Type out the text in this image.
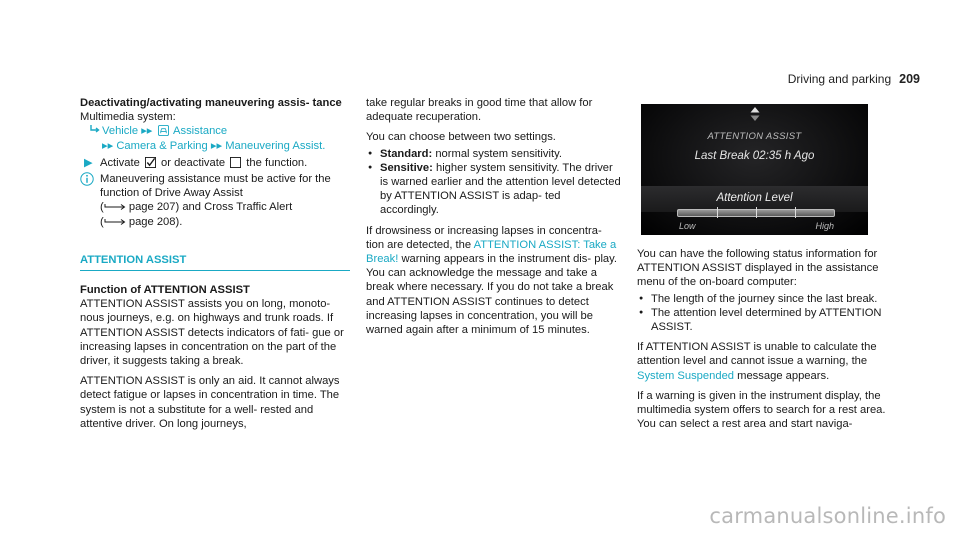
Driving and parking 209

Deactivating/activating maneuvering assis- tance

Multimedia system:
Vehicle ▸▸ Assistance
▸▸ Camera & Parking ▸▸ Maneuvering Assist.
▶ Activate or deactivate the function.
Maneuvering assistance must be active for the function of Drive Away Assist
( page 207) and Cross Traffic Alert
( page 208).
ATTENTION ASSIST
Function of ATTENTION ASSIST

ATTENTION ASSIST assists you on long, monoto- nous journeys, e.g. on highways and trunk roads. If ATTENTION ASSIST detects indicators of fati- gue or increasing lapses in concentration on the part of the driver, it suggests taking a break.

ATTENTION ASSIST is only an aid. It cannot always detect fatigue or lapses in concentration in time. The system is not a substitute for a well- rested and attentive driver. On long journeys,

take regular breaks in good time that allow for adequate recuperation.

You can choose between two settings.

● Standard: normal system sensitivity.
● Sensitive: higher system sensitivity. The driver is warned earlier and the attention level detected by ATTENTION ASSIST is adap- ted accordingly.

If drowsiness or increasing lapses in concentra- tion are detected, the ATTENTION ASSIST: Take a Break! warning appears in the instrument dis- play. You can acknowledge the message and take a break where necessary. If you do not take a break and ATTENTION ASSIST continues to detect increasing lapses in concentration, you will be warned again after a minimum of 15 minutes.

ATTENTION ASSIST
Last Break 02:35 h Ago
Attention Level
Low	High

You can have the following status information for ATTENTION ASSIST displayed in the assistance menu of the on-board computer:

● The length of the journey since the last break.
● The attention level determined by ATTENTION ASSIST.

If ATTENTION ASSIST is unable to calculate the attention level and cannot issue a warning, the System Suspended message appears.

If a warning is given in the instrument display, the multimedia system offers to search for a rest area. You can select a rest area and start naviga-

carmanualsonline.info
